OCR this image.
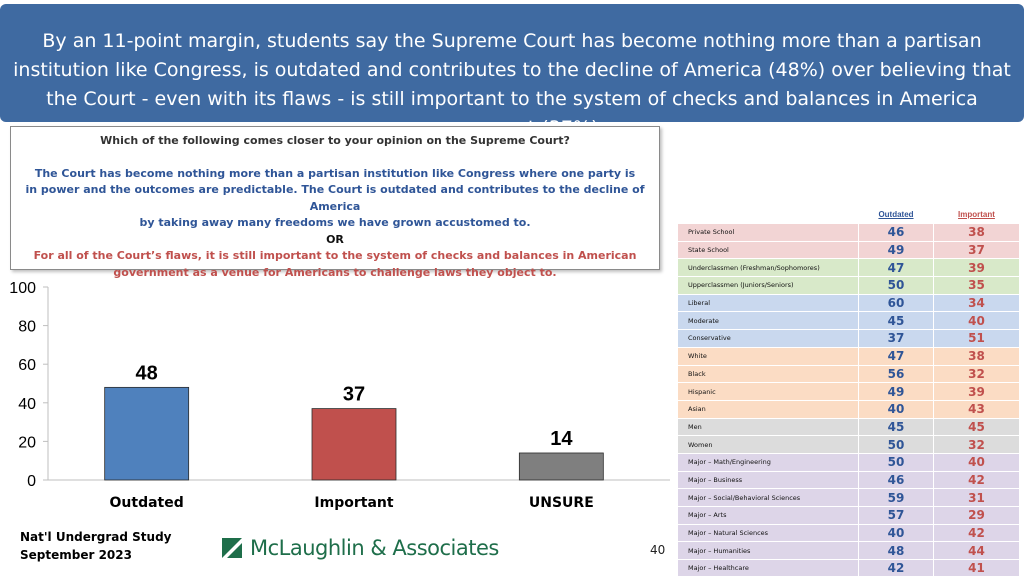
By an 11-point margin, students say the Supreme Court has become nothing more than a partisan institution like Congress, is outdated and contributes to the decline of America (48%) over believing that the Court - even with its flaws - is still important to the system of checks and balances in America
Which of the following comes closer to your opinion on the Supreme Court?
The Court has become nothing more than a partisan institution like Congress where one party is
in power and the outcomes are predictable. The Court is outdated and contributes to the decline of America
by taking away many freedoms we have grown accustomed to.
OR
For all of the Court’s flaws, it is still important to the system of checks and balances in American
government as a venue for Americans to challenge laws they object to.
0
20
40
60
80
100
48
Outdated
37
Important
14
UNSURE
	Outdated	Important
Private School	46	38
State School	49	37
Underclassmen (Freshman/Sophomores)	47	39
Upperclassmen (Juniors/Seniors)	50	35
Liberal	60	34
Moderate	45	40
Conservative	37	51
White	47	38
Black	56	32
Hispanic	49	39
Asian	40	43
Men	45	45
Women	50	32
Major – Math/Engineering	50	40
Major – Business	46	42
Major – Social/Behavioral Sciences	59	31
Major – Arts	57	29
Major – Natural Sciences	40	42
Major – Humanities	48	44
Major – Healthcare	42	41
Nat'l Undergrad Study
September 2023	McLaughlin & Associates	40
